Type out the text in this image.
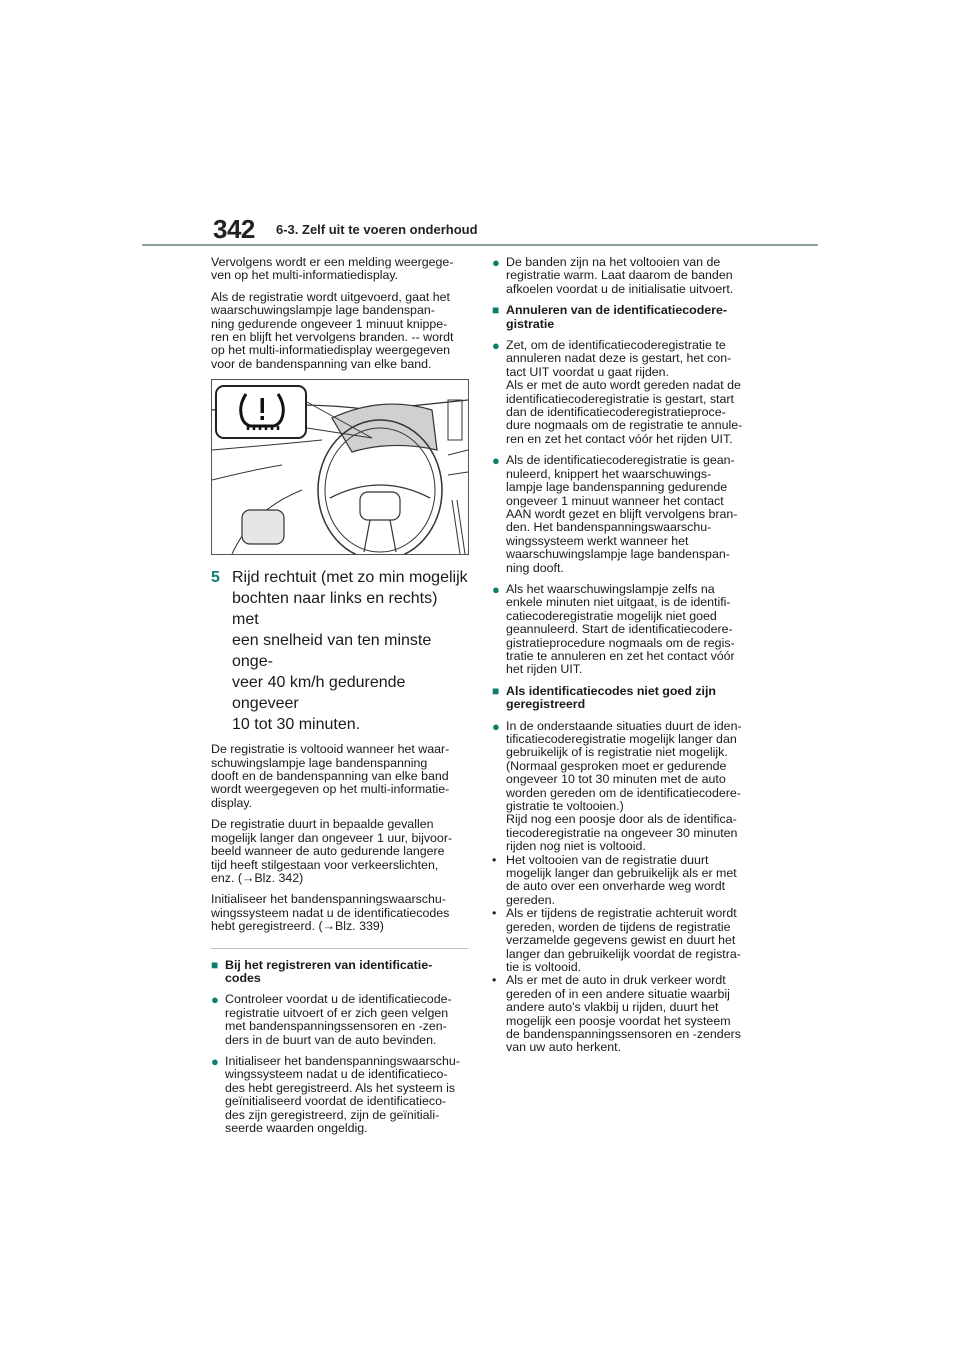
342 6-3. Zelf uit te voeren onderhoud

Vervolgens wordt er een melding weergege-
ven op het multi-informatiedisplay.

Als de registratie wordt uitgevoerd, gaat het
waarschuwingslampje lage bandenspan-
ning gedurende ongeveer 1 minuut knippe-
ren en blijft het vervolgens branden. -- wordt
op het multi-informatiedisplay weergegeven
voor de bandenspanning van elke band.

5 Rijd rechtuit (met zo min mogelijk
bochten naar links en rechts) met
een snelheid van ten minste onge-
veer 40 km/h gedurende ongeveer
10 tot 30 minuten.

De registratie is voltooid wanneer het waar-
schuwingslampje lage bandenspanning
dooft en de bandenspanning van elke band
wordt weergegeven op het multi-informatie-
display.

De registratie duurt in bepaalde gevallen
mogelijk langer dan ongeveer 1 uur, bijvoor-
beeld wanneer de auto gedurende langere
tijd heeft stilgestaan voor verkeerslichten,
enz. (→Blz. 342)

Initialiseer het bandenspanningswaarschu-
wingssysteem nadat u de identificatiecodes
hebt geregistreerd. (→Blz. 339)

■ Bij het registreren van identificatie-
codes
● Controleer voordat u de identificatiecode-
registratie uitvoert of er zich geen velgen
met bandenspanningssensoren en -zen-
ders in de buurt van de auto bevinden.
● Initialiseer het bandenspanningswaarschu-
wingssysteem nadat u de identificatieco-
des hebt geregistreerd. Als het systeem is
geïnitialiseerd voordat de identificatieco-
des zijn geregistreerd, zijn de geïnitiali-
seerde waarden ongeldig.
● De banden zijn na het voltooien van de
registratie warm. Laat daarom de banden
afkoelen voordat u de initialisatie uitvoert.
■ Annuleren van de identificatiecodere-
gistratie
● Zet, om de identificatiecoderegistratie te
annuleren nadat deze is gestart, het con-
tact UIT voordat u gaat rijden.
Als er met de auto wordt gereden nadat de
identificatiecoderegistratie is gestart, start
dan de identificatiecoderegistratieproce-
dure nogmaals om de registratie te annule-
ren en zet het contact vóór het rijden UIT.
● Als de identificatiecoderegistratie is gean-
nuleerd, knippert het waarschuwings-
lampje lage bandenspanning gedurende
ongeveer 1 minuut wanneer het contact
AAN wordt gezet en blijft vervolgens bran-
den. Het bandenspanningswaarschu-
wingssysteem werkt wanneer het
waarschuwingslampje lage bandenspan-
ning dooft.
● Als het waarschuwingslampje zelfs na
enkele minuten niet uitgaat, is de identifi-
catiecoderegistratie mogelijk niet goed
geannuleerd. Start de identificatiecodere-
gistratieprocedure nogmaals om de regis-
tratie te annuleren en zet het contact vóór
het rijden UIT.
■ Als identificatiecodes niet goed zijn
geregistreerd
● In de onderstaande situaties duurt de iden-
tificatiecoderegistratie mogelijk langer dan
gebruikelijk of is registratie niet mogelijk.
(Normaal gesproken moet er gedurende
ongeveer 10 tot 30 minuten met de auto
worden gereden om de identificatiecodere-
gistratie te voltooien.)
Rijd nog een poosje door als de identifica-
tiecoderegistratie na ongeveer 30 minuten
rijden nog niet is voltooid.
• Het voltooien van de registratie duurt
mogelijk langer dan gebruikelijk als er met
de auto over een onverharde weg wordt
gereden.
• Als er tijdens de registratie achteruit wordt
gereden, worden de tijdens de registratie
verzamelde gegevens gewist en duurt het
langer dan gebruikelijk voordat de registra-
tie is voltooid.
• Als er met de auto in druk verkeer wordt
gereden of in een andere situatie waarbij
andere auto's vlakbij u rijden, duurt het
mogelijk een poosje voordat het systeem
de bandenspanningssensoren en -zenders
van uw auto herkent.
